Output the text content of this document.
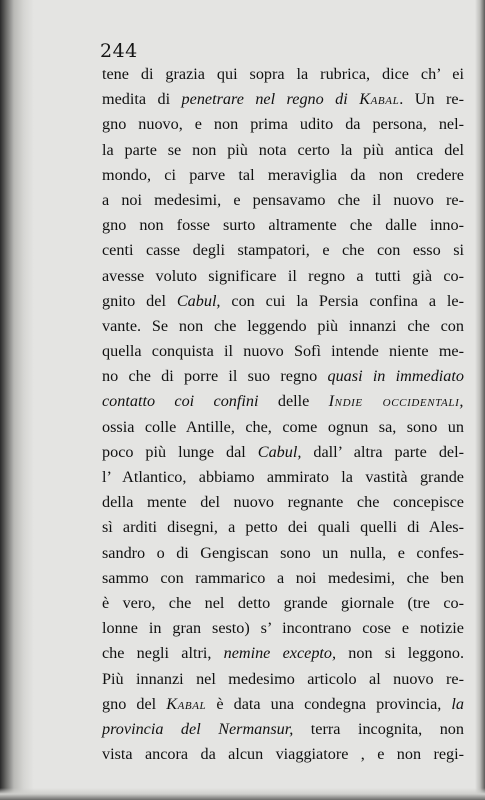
244
tene di grazia qui sopra la rubrica, dice ch’ ei
medita di penetrare nel regno di Kabal. Un re-
gno nuovo, e non prima udito da persona, nel-
la parte se non più nota certo la più antica del
mondo, ci parve tal meraviglia da non credere
a noi medesimi, e pensavamo che il nuovo re-
gno non fosse surto altramente che dalle inno-
centi casse degli stampatori, e che con esso si
avesse voluto significare il regno a tutti già co-
gnito del Cabul, con cui la Persia confina a le-
vante. Se non che leggendo più innanzi che con
quella conquista il nuovo Sofì intende niente me-
no che di porre il suo regno quasi in immediato
contatto coi confini delle Indie occidentali,
ossia colle Antille, che, come ognun sa, sono un
poco più lunge dal Cabul, dall’ altra parte del-
l’ Atlantico, abbiamo ammirato la vastità grande
della mente del nuovo regnante che concepisce
sì arditi disegni, a petto dei quali quelli di Ales-
sandro o di Gengiscan sono un nulla, e confes-
sammo con rammarico a noi medesimi, che ben
è vero, che nel detto grande giornale (tre co-
lonne in gran sesto) s’ incontrano cose e notizie
che negli altri, nemine excepto, non si leggono.
Più innanzi nel medesimo articolo al nuovo re-
gno del Kabal è data una condegna provincia, la
provincia del Nermansur, terra incognita, non
vista ancora da alcun viaggiatore , e non regi-
